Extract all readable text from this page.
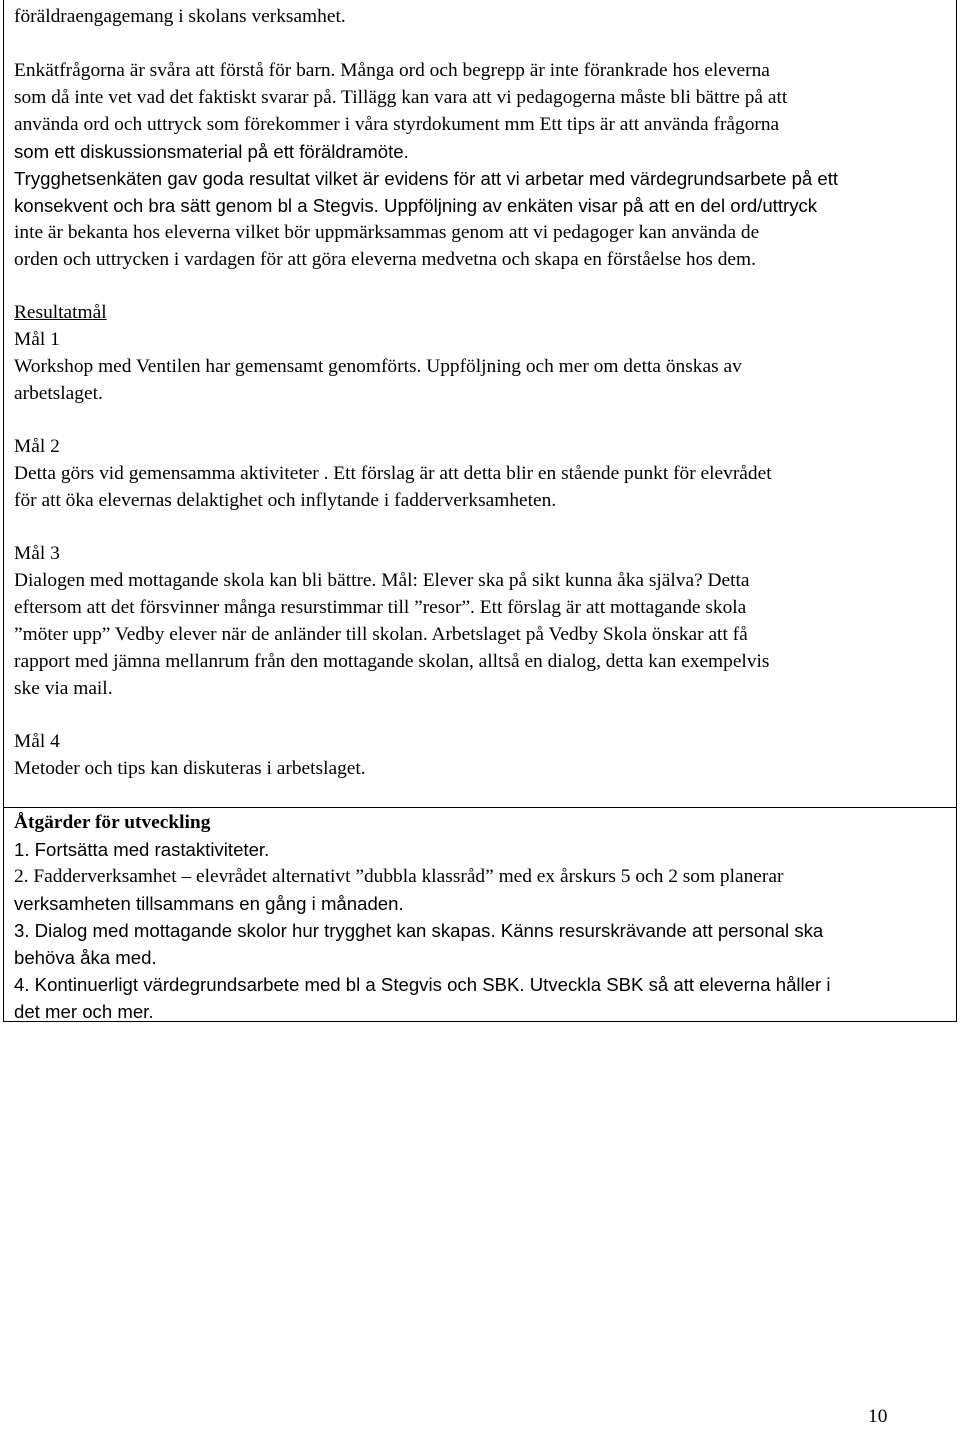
föräldraengagemang i skolans verksamhet.
Enkätfrågorna är svåra att förstå för barn. Många ord och begrepp är inte förankrade hos eleverna
som då inte vet vad det faktiskt svarar på. Tillägg kan vara att vi pedagogerna måste bli bättre på att
använda ord och uttryck som förekommer i våra styrdokument mm Ett tips är att använda frågorna
som ett diskussionsmaterial på ett föräldramöte.
Trygghetsenkäten gav goda resultat vilket är evidens för att vi arbetar med värdegrundsarbete på ett
konsekvent och bra sätt genom bl a Stegvis. Uppföljning av enkäten visar på att en del ord/uttryck
inte är bekanta hos eleverna vilket bör uppmärksammas genom att vi pedagoger kan använda de
orden och uttrycken i vardagen för att göra eleverna medvetna och skapa en förståelse hos dem.
Resultatmål
Mål 1
Workshop med Ventilen har gemensamt genomförts. Uppföljning och mer om detta önskas av
arbetslaget.
Mål 2
Detta görs vid gemensamma aktiviteter . Ett förslag är att detta blir en stående punkt för elevrådet
för att öka elevernas delaktighet och inflytande i fadderverksamheten.
Mål 3
Dialogen med mottagande skola kan bli bättre. Mål: Elever ska på sikt kunna åka själva? Detta
eftersom att det försvinner många resurstimmar till ”resor”. Ett förslag är att mottagande skola
”möter upp” Vedby elever när de anländer till skolan. Arbetslaget på Vedby Skola önskar att få
rapport med jämna mellanrum från den mottagande skolan, alltså en dialog, detta kan exempelvis
ske via mail.
Mål 4
Metoder och tips kan diskuteras i arbetslaget.
Åtgärder för utveckling
1. Fortsätta med rastaktiviteter.
2. Fadderverksamhet – elevrådet alternativt ”dubbla klassråd” med ex årskurs 5 och 2 som planerar
verksamheten tillsammans en gång i månaden.
3. Dialog med mottagande skolor hur trygghet kan skapas. Känns resurskrävande att personal ska
behöva åka med.
4. Kontinuerligt värdegrundsarbete med bl a Stegvis och SBK. Utveckla SBK så att eleverna håller i
det mer och mer.
10
